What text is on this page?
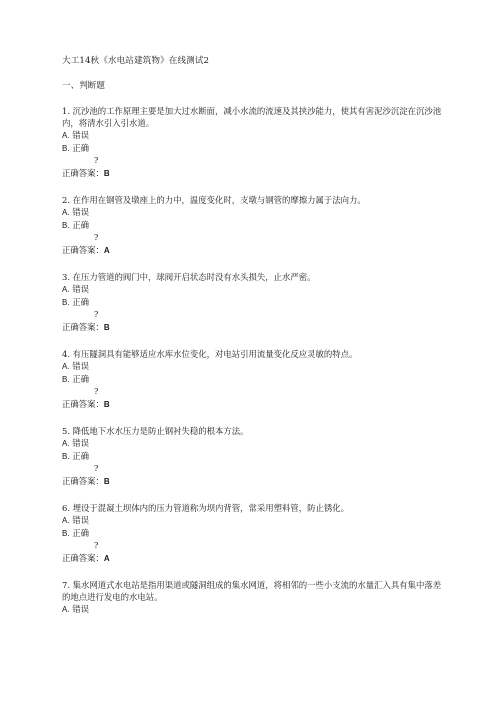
大工14秋《水电站建筑物》在线测试2
一、判断题

1. 沉沙池的工作原理主要是加大过水断面，减小水流的流速及其挟沙能力，使其有害泥沙沉淀在沉沙池内，将清水引入引水道。

A. 错误

B. 正确

?

正确答案：B

2. 在作用在钢管及墩座上的力中，温度变化时，支墩与钢管的摩擦力属于法向力。

A. 错误

B. 正确

?

正确答案：A

3. 在压力管道的阀门中，球阀开启状态时没有水头损失，止水严密。

A. 错误

B. 正确

?

正确答案：B

4. 有压隧洞具有能够适应水库水位变化，对电站引用流量变化反应灵敏的特点。

A. 错误

B. 正确

?

正确答案：B

5. 降低地下水水压力是防止钢衬失稳的根本方法。

A. 错误

B. 正确

?

正确答案：B

6. 埋设于混凝土坝体内的压力管道称为坝内背管，常采用塑料管，防止锈化。

A. 错误

B. 正确

?

正确答案：A

7. 集水网道式水电站是指用渠道或隧洞组成的集水网道，将相邻的一些小支流的水量汇入具有集中落差的地点进行发电的水电站。

A. 错误
